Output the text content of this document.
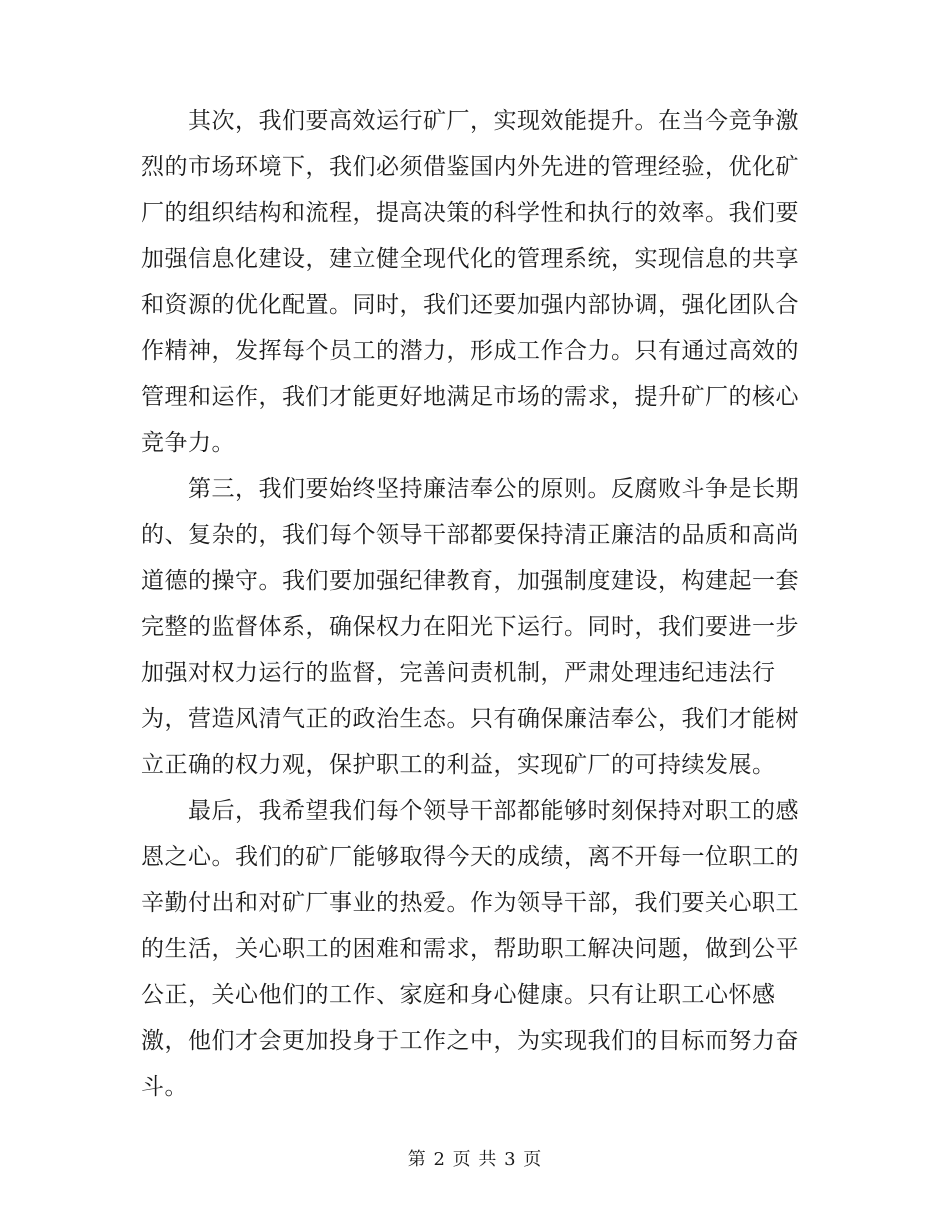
其次，我们要高效运行矿厂，实现效能提升。在当今竞争激
烈的市场环境下，我们必须借鉴国内外先进的管理经验，优化矿
厂的组织结构和流程，提高决策的科学性和执行的效率。我们要
加强信息化建设，建立健全现代化的管理系统，实现信息的共享
和资源的优化配置。同时，我们还要加强内部协调，强化团队合
作精神，发挥每个员工的潜力，形成工作合力。只有通过高效的
管理和运作，我们才能更好地满足市场的需求，提升矿厂的核心
竞争力。
第三，我们要始终坚持廉洁奉公的原则。反腐败斗争是长期
的、复杂的，我们每个领导干部都要保持清正廉洁的品质和高尚
道德的操守。我们要加强纪律教育，加强制度建设，构建起一套
完整的监督体系，确保权力在阳光下运行。同时，我们要进一步
加强对权力运行的监督，完善问责机制，严肃处理违纪违法行
为，营造风清气正的政治生态。只有确保廉洁奉公，我们才能树
立正确的权力观，保护职工的利益，实现矿厂的可持续发展。
最后，我希望我们每个领导干部都能够时刻保持对职工的感
恩之心。我们的矿厂能够取得今天的成绩，离不开每一位职工的
辛勤付出和对矿厂事业的热爱。作为领导干部，我们要关心职工
的生活，关心职工的困难和需求，帮助职工解决问题，做到公平
公正，关心他们的工作、家庭和身心健康。只有让职工心怀感
激，他们才会更加投身于工作之中，为实现我们的目标而努力奋
斗。
第 2 页 共 3 页
